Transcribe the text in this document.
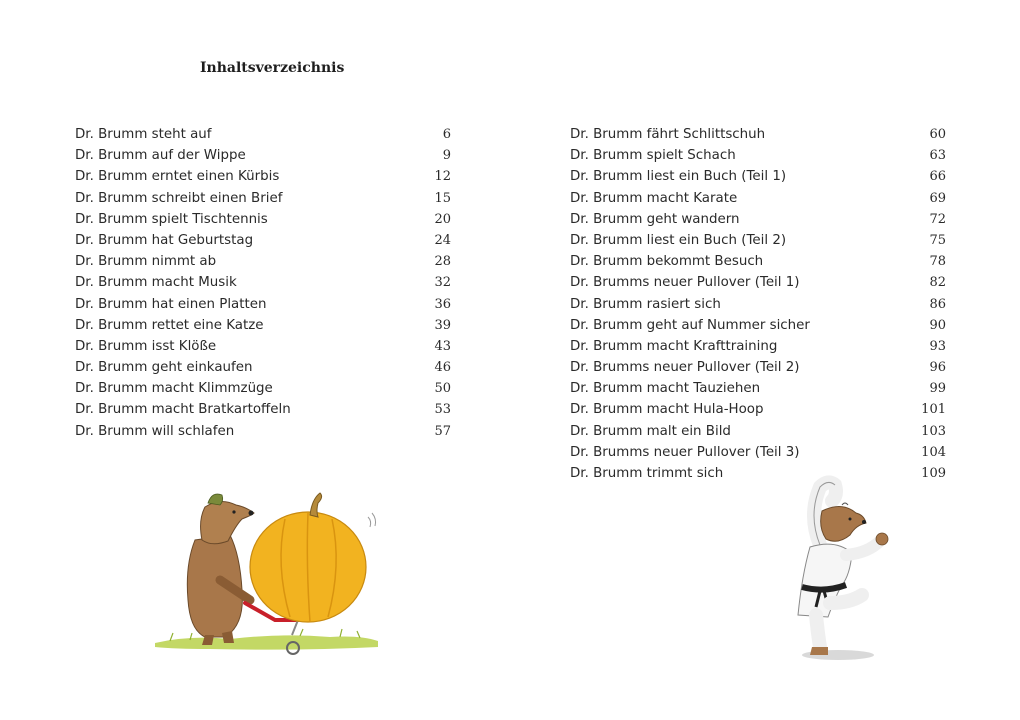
Inhaltsverzeichnis
Dr. Brumm steht auf	6
Dr. Brumm auf der Wippe	9
Dr. Brumm erntet einen Kürbis	12
Dr. Brumm schreibt einen Brief	15
Dr. Brumm spielt Tischtennis	20
Dr. Brumm hat Geburtstag	24
Dr. Brumm nimmt ab	28
Dr. Brumm macht Musik	32
Dr. Brumm hat einen Platten	36
Dr. Brumm rettet eine Katze	39
Dr. Brumm isst Klöße	43
Dr. Brumm geht einkaufen	46
Dr. Brumm macht Klimmzüge	50
Dr. Brumm macht Bratkartoffeln	53
Dr. Brumm will schlafen	57
Dr. Brumm fährt Schlittschuh	60
Dr. Brumm spielt Schach	63
Dr. Brumm liest ein Buch (Teil 1)	66
Dr. Brumm macht Karate	69
Dr. Brumm geht wandern	72
Dr. Brumm liest ein Buch (Teil 2)	75
Dr. Brumm bekommt Besuch	78
Dr. Brumms neuer Pullover (Teil 1)	82
Dr. Brumm rasiert sich	86
Dr. Brumm geht auf Nummer sicher	90
Dr. Brumm macht Krafttraining	93
Dr. Brumms neuer Pullover (Teil 2)	96
Dr. Brumm macht Tauziehen	99
Dr. Brumm macht Hula-Hoop	101
Dr. Brumm malt ein Bild	103
Dr. Brumms neuer Pullover (Teil 3)	104
Dr. Brumm trimmt sich	109
